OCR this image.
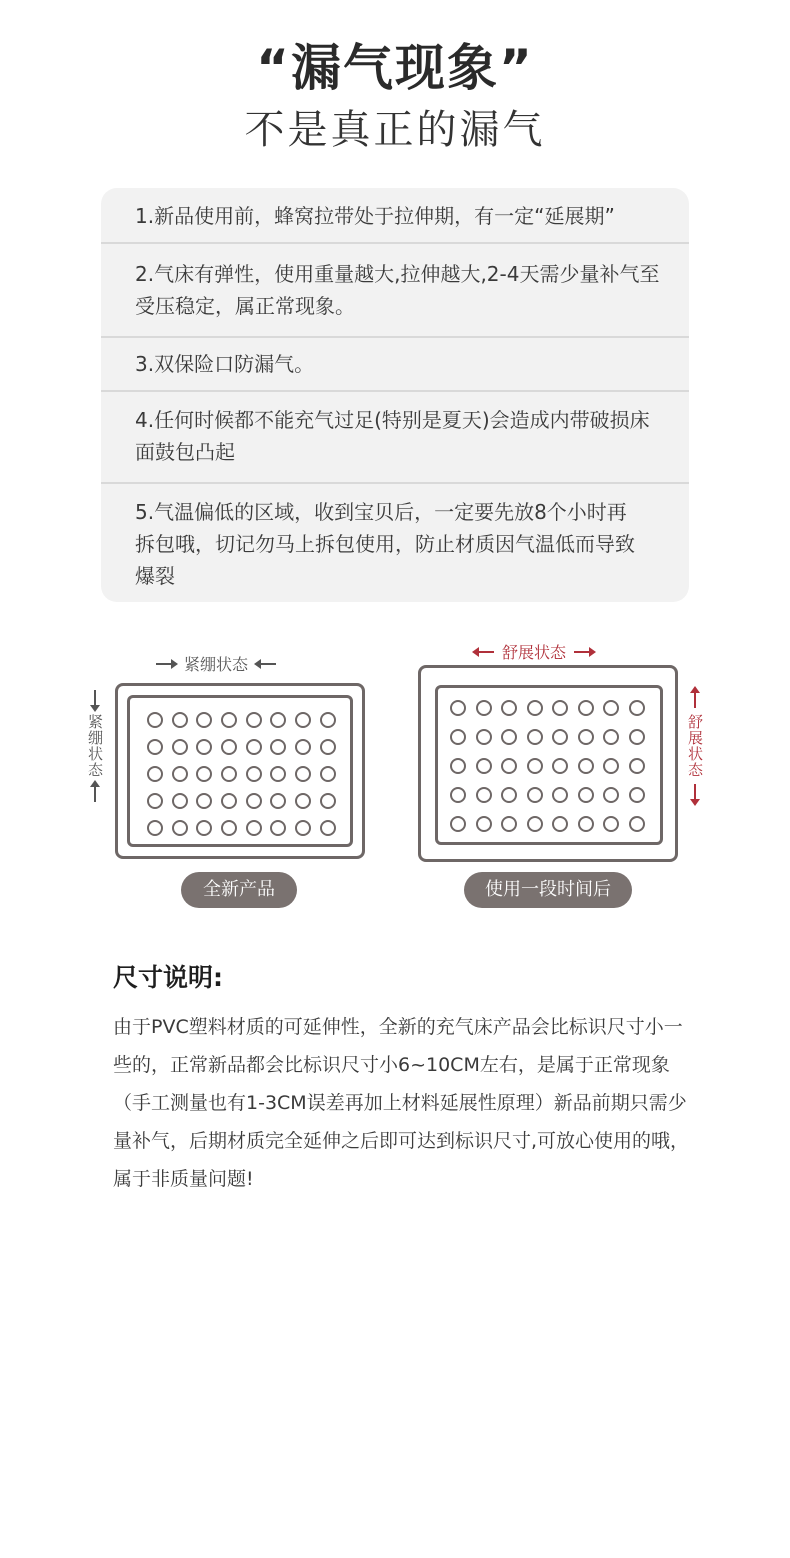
“漏气现象”
不是真正的漏气
1.新品使用前，蜂窝拉带处于拉伸期，有一定“延展期”
2.气床有弹性，使用重量越大,拉伸越大,2-4天需少量补气至受压稳定，属正常现象。
3.双保险口防漏气。
4.任何时候都不能充气过足(特别是夏天)会造成内带破损床面鼓包凸起
5.气温偏低的区域，收到宝贝后，一定要先放8个小时再拆包哦，切记勿马上拆包使用，防止材质因气温低而导致爆裂
紧绷状态
紧绷状态
全新产品
舒展状态
舒展状态
使用一段时间后
尺寸说明:
由于PVC塑料材质的可延伸性，全新的充气床产品会比标识尺寸小一些的，正常新品都会比标识尺寸小6~10CM左右，是属于正常现象（手工测量也有1-3CM误差再加上材料延展性原理）新品前期只需少量补气，后期材质完全延伸之后即可达到标识尺寸,可放心使用的哦，属于非质量问题!
